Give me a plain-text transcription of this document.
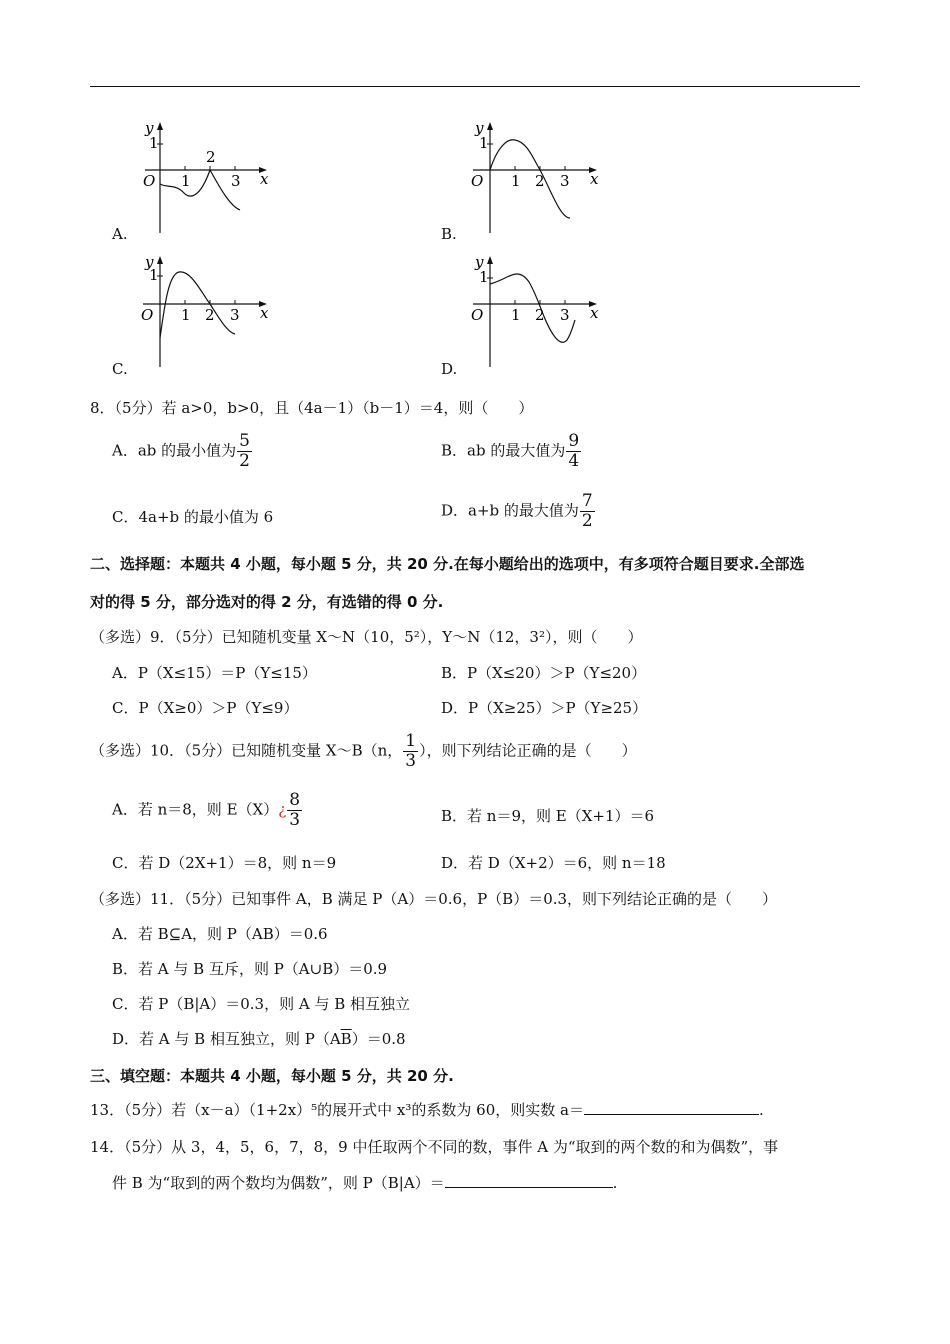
y
1
O 1
2
3 x
A.
y
1
O 1 2 3 x
B.
y
1
O 1 2 3 x
C.
y
1
O 1 2 3 x
D.
8．（5分）若 a>0，b>0，且（4a－1）（b－1）＝4，则（　　）
A．ab 的最小值为 $\frac{5}{2}$	B．ab 的最大值为 $\frac{9}{4}$
C．4a+b 的最小值为 6	D．a+b 的最大值为 $\frac{7}{2}$
二、选择题：本题共 4 小题，每小题 5 分，共 20 分.在每小题给出的选项中，有多项符合题目要求.全部选
对的得 5 分，部分选对的得 2 分，有选错的得 0 分.
（多选）9．（5分）已知随机变量 X～N（10，5²），Y～N（12，3²），则（　　）
A．P（X≤15）＝P（Y≤15）	B．P（X≤20）＞P（Y≤20）
C．P（X≥0）＞P（Y≤9）	D．P（X≥25）＞P（Y≥25）
（多选）10．（5分）已知随机变量 X～B（n， $\frac{1}{3}$ ），则下列结论正确的是（　　）
A．若 n＝8，则 E（X）¿ $\frac{8}{3}$	B．若 n＝9，则 E（X+1）＝6
C．若 D（2X+1）＝8，则 n＝9	D．若 D（X+2）＝6，则 n＝18
（多选）11．（5分）已知事件 A，B 满足 P（A）＝0.6，P（B）＝0.3，则下列结论正确的是（　　）
A．若 B⊆A，则 P（AB）＝0.6
B．若 A 与 B 互斥，则 P（A∪B）＝0.9
C．若 P（B|A）＝0.3，则 A 与 B 相互独立
D．若 A 与 B 相互独立，则 $P(A\overline{B})=0.8$
三、填空题：本题共 4 小题，每小题 5 分，共 20 分.
13．（5分）若（x－a）（1+2x）⁵的展开式中 x³的系数为 60，则实数 a＝	.
14．（5分）从 3，4，5，6，7，8，9 中任取两个不同的数，事件 A 为“取到的两个数的和为偶数”，事
件 B 为“取到的两个数均为偶数”，则 P（B|A）＝	.
